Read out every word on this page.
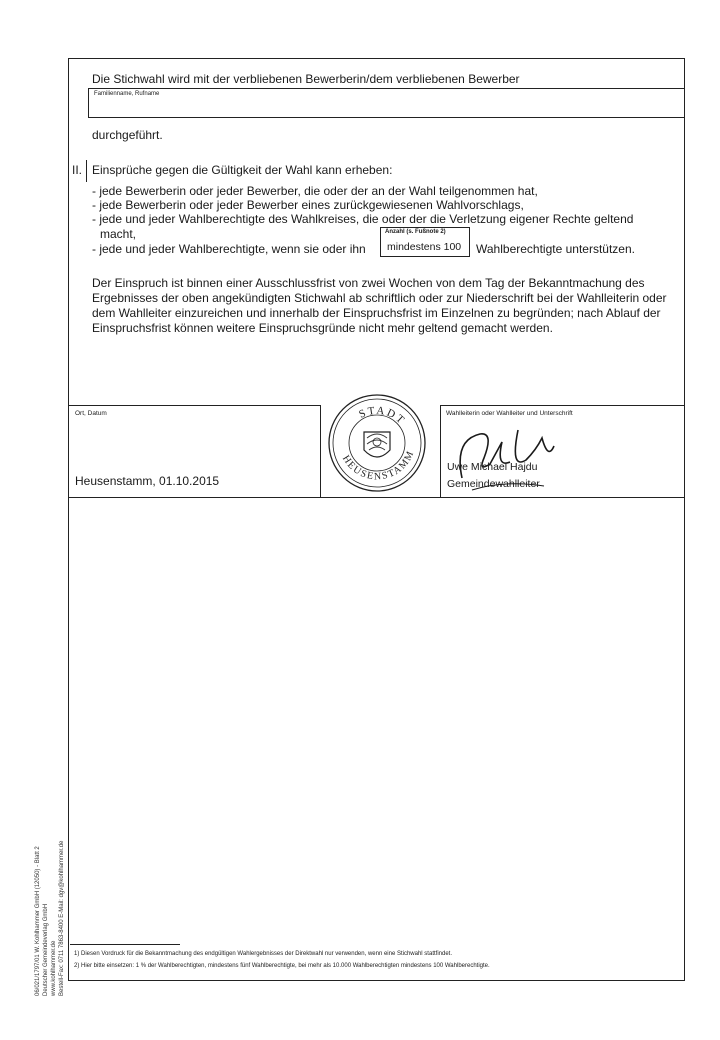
Die Stichwahl wird mit der verbliebenen Bewerberin/dem verbliebenen Bewerber
Familienname, Rufname
durchgeführt.
II. Einsprüche gegen die Gültigkeit der Wahl kann erheben:
- jede Bewerberin oder jeder Bewerber, die oder der an der Wahl teilgenommen hat,
- jede Bewerberin oder jeder Bewerber eines zurückgewiesenen Wahlvorschlags,
- jede und jeder Wahlberechtigte des Wahlkreises, die oder der die Verletzung eigener Rechte geltend
macht,
- jede und jeder Wahlberechtigte, wenn sie oder ihn
Anzahl (s. Fußnote 2)
mindestens 100 Wahlberechtigte unterstützen.
Der Einspruch ist binnen einer Ausschlussfrist von zwei Wochen von dem Tag der Bekanntmachung des
Ergebnisses der oben angekündigten Stichwahl ab schriftlich oder zur Niederschrift bei der Wahlleiterin oder
dem Wahlleiter einzureichen und innerhalb der Einspruchsfrist im Einzelnen zu begründen; nach Ablauf der
Einspruchsfrist können weitere Einspruchsgründe nicht mehr geltend gemacht werden.
Ort, Datum
Heusenstamm, 01.10.2015
STADT
HEUSENSTAMM
Wahlleiterin oder Wahlleiter und Unterschrift
Uwe Michael Hajdu
Gemeindewahlleiter
1) Diesen Vordruck für die Bekanntmachung des endgültigen Wahlergebnisses der Direktwahl nur verwenden, wenn eine Stichwahl stattfindet.
2) Hier bitte einsetzen: 1 % der Wahlberechtigten, mindestens fünf Wahlberechtigte, bei mehr als 10.000 Wahlberechtigten mindestens 100 Wahlberechtigte.
06/021/1797/01 W. Kohlhammer GmbH (12050) - Blatt 2 Deutscher Gemeindeverlag GmbH www.kohlhammer.de Bestell-Fax: 0711 7863-8400 E-Mail: dgv@kohlhammer.de
